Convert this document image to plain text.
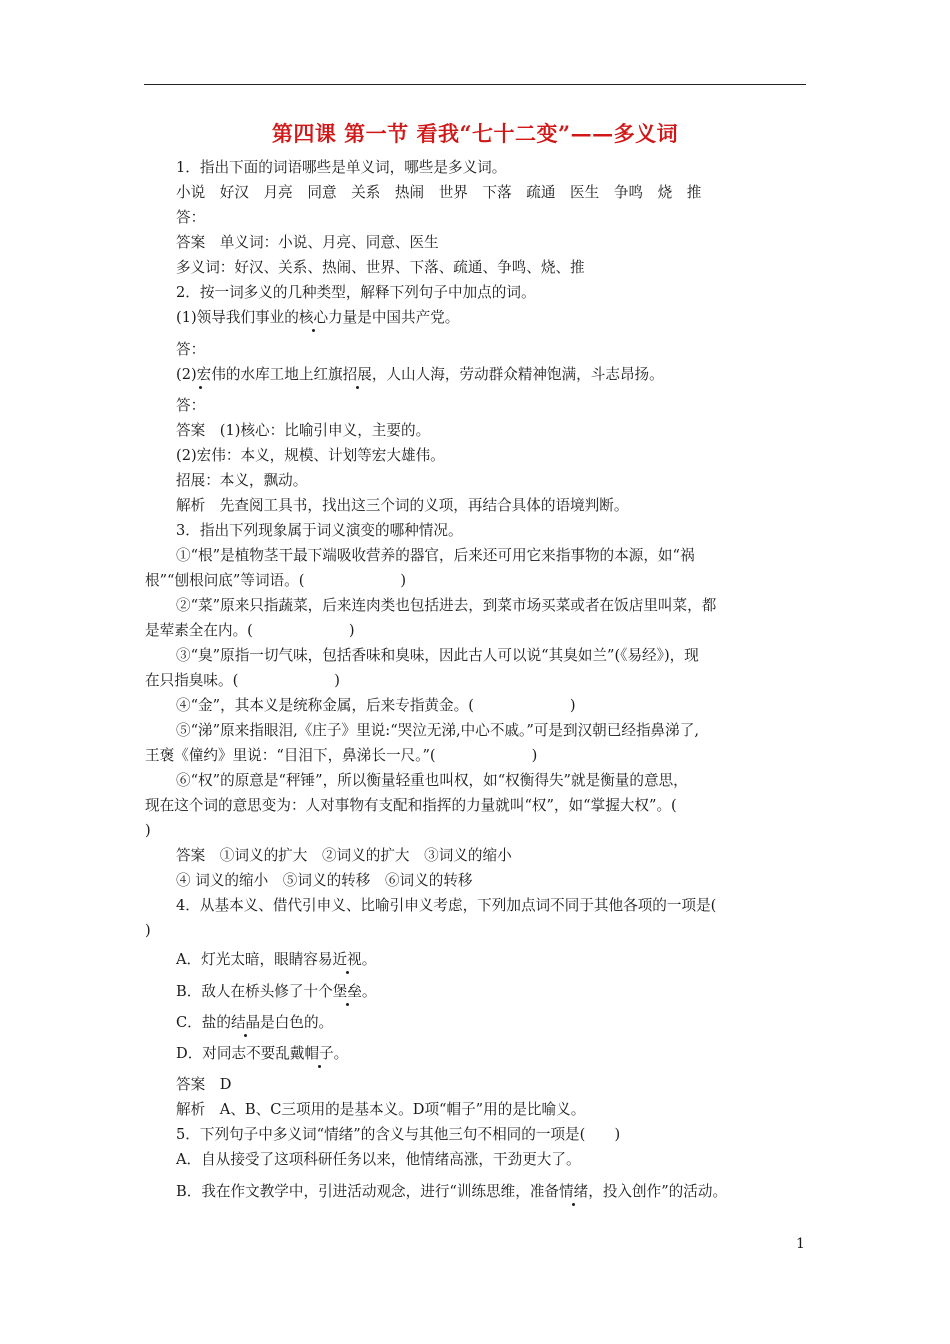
第四课 第一节 看我“七十二变”——多义词
1．指出下面的词语哪些是单义词，哪些是多义词。
小说　好汉　月亮　同意　关系　热闹　世界　下落　疏通　医生　争鸣　烧　推
答：
答案　单义词：小说、月亮、同意、医生
多义词：好汉、关系、热闹、世界、下落、疏通、争鸣、烧、推
2．按一词多义的几种类型，解释下列句子中加点的词。
(1)领导我们事业的核心力量是中国共产党。
答：
(2)宏伟的水库工地上红旗招展，人山人海，劳动群众精神饱满，斗志昂扬。
答：
答案　(1)核心：比喻引申义，主要的。
(2)宏伟：本义，规模、计划等宏大雄伟。
招展：本义，飘动。
解析　先查阅工具书，找出这三个词的义项，再结合具体的语境判断。
3．指出下列现象属于词义演变的哪种情况。
①“根”是植物茎干最下端吸收营养的器官，后来还可用它来指事物的本源，如“祸
根”“刨根问底”等词语。(	)
②“菜”原来只指蔬菜，后来连肉类也包括进去，到菜市场买菜或者在饭店里叫菜，都
是荤素全在内。(	)
③“臭”原指一切气味，包括香味和臭味，因此古人可以说“其臭如兰”(《易经》)，现
在只指臭味。(	)
④“金”，其本义是统称金属，后来专指黄金。(	)
⑤“涕”原来指眼泪,《庄子》里说:“哭泣无涕,中心不戚。”可是到汉朝已经指鼻涕了,
王褒《僮约》里说：“目泪下，鼻涕长一尺。”(	)
⑥“权”的原意是“秤锤”，所以衡量轻重也叫权，如“权衡得失”就是衡量的意思，
现在这个词的意思变为：人对事物有支配和指挥的力量就叫“权”，如“掌握大权”。(
)
答案　①词义的扩大　②词义的扩大　③词义的缩小
④ 词义的缩小　⑤词义的转移　⑥词义的转移
4．从基本义、借代引申义、比喻引申义考虑，下列加点词不同于其他各项的一项是(
)
A．灯光太暗，眼睛容易近视。
B．敌人在桥头修了十个堡垒。
C．盐的结晶是白色的。
D．对同志不要乱戴帽子。
答案　D
解析　A、B、C三项用的是基本义。D项“帽子”用的是比喻义。
5．下列句子中多义词“情绪”的含义与其他三句不相同的一项是(　　)
A．自从接受了这项科研任务以来，他情绪高涨，干劲更大了。
B．我在作文教学中，引进活动观念，进行“训练思维，准备情绪，投入创作”的活动。
1
